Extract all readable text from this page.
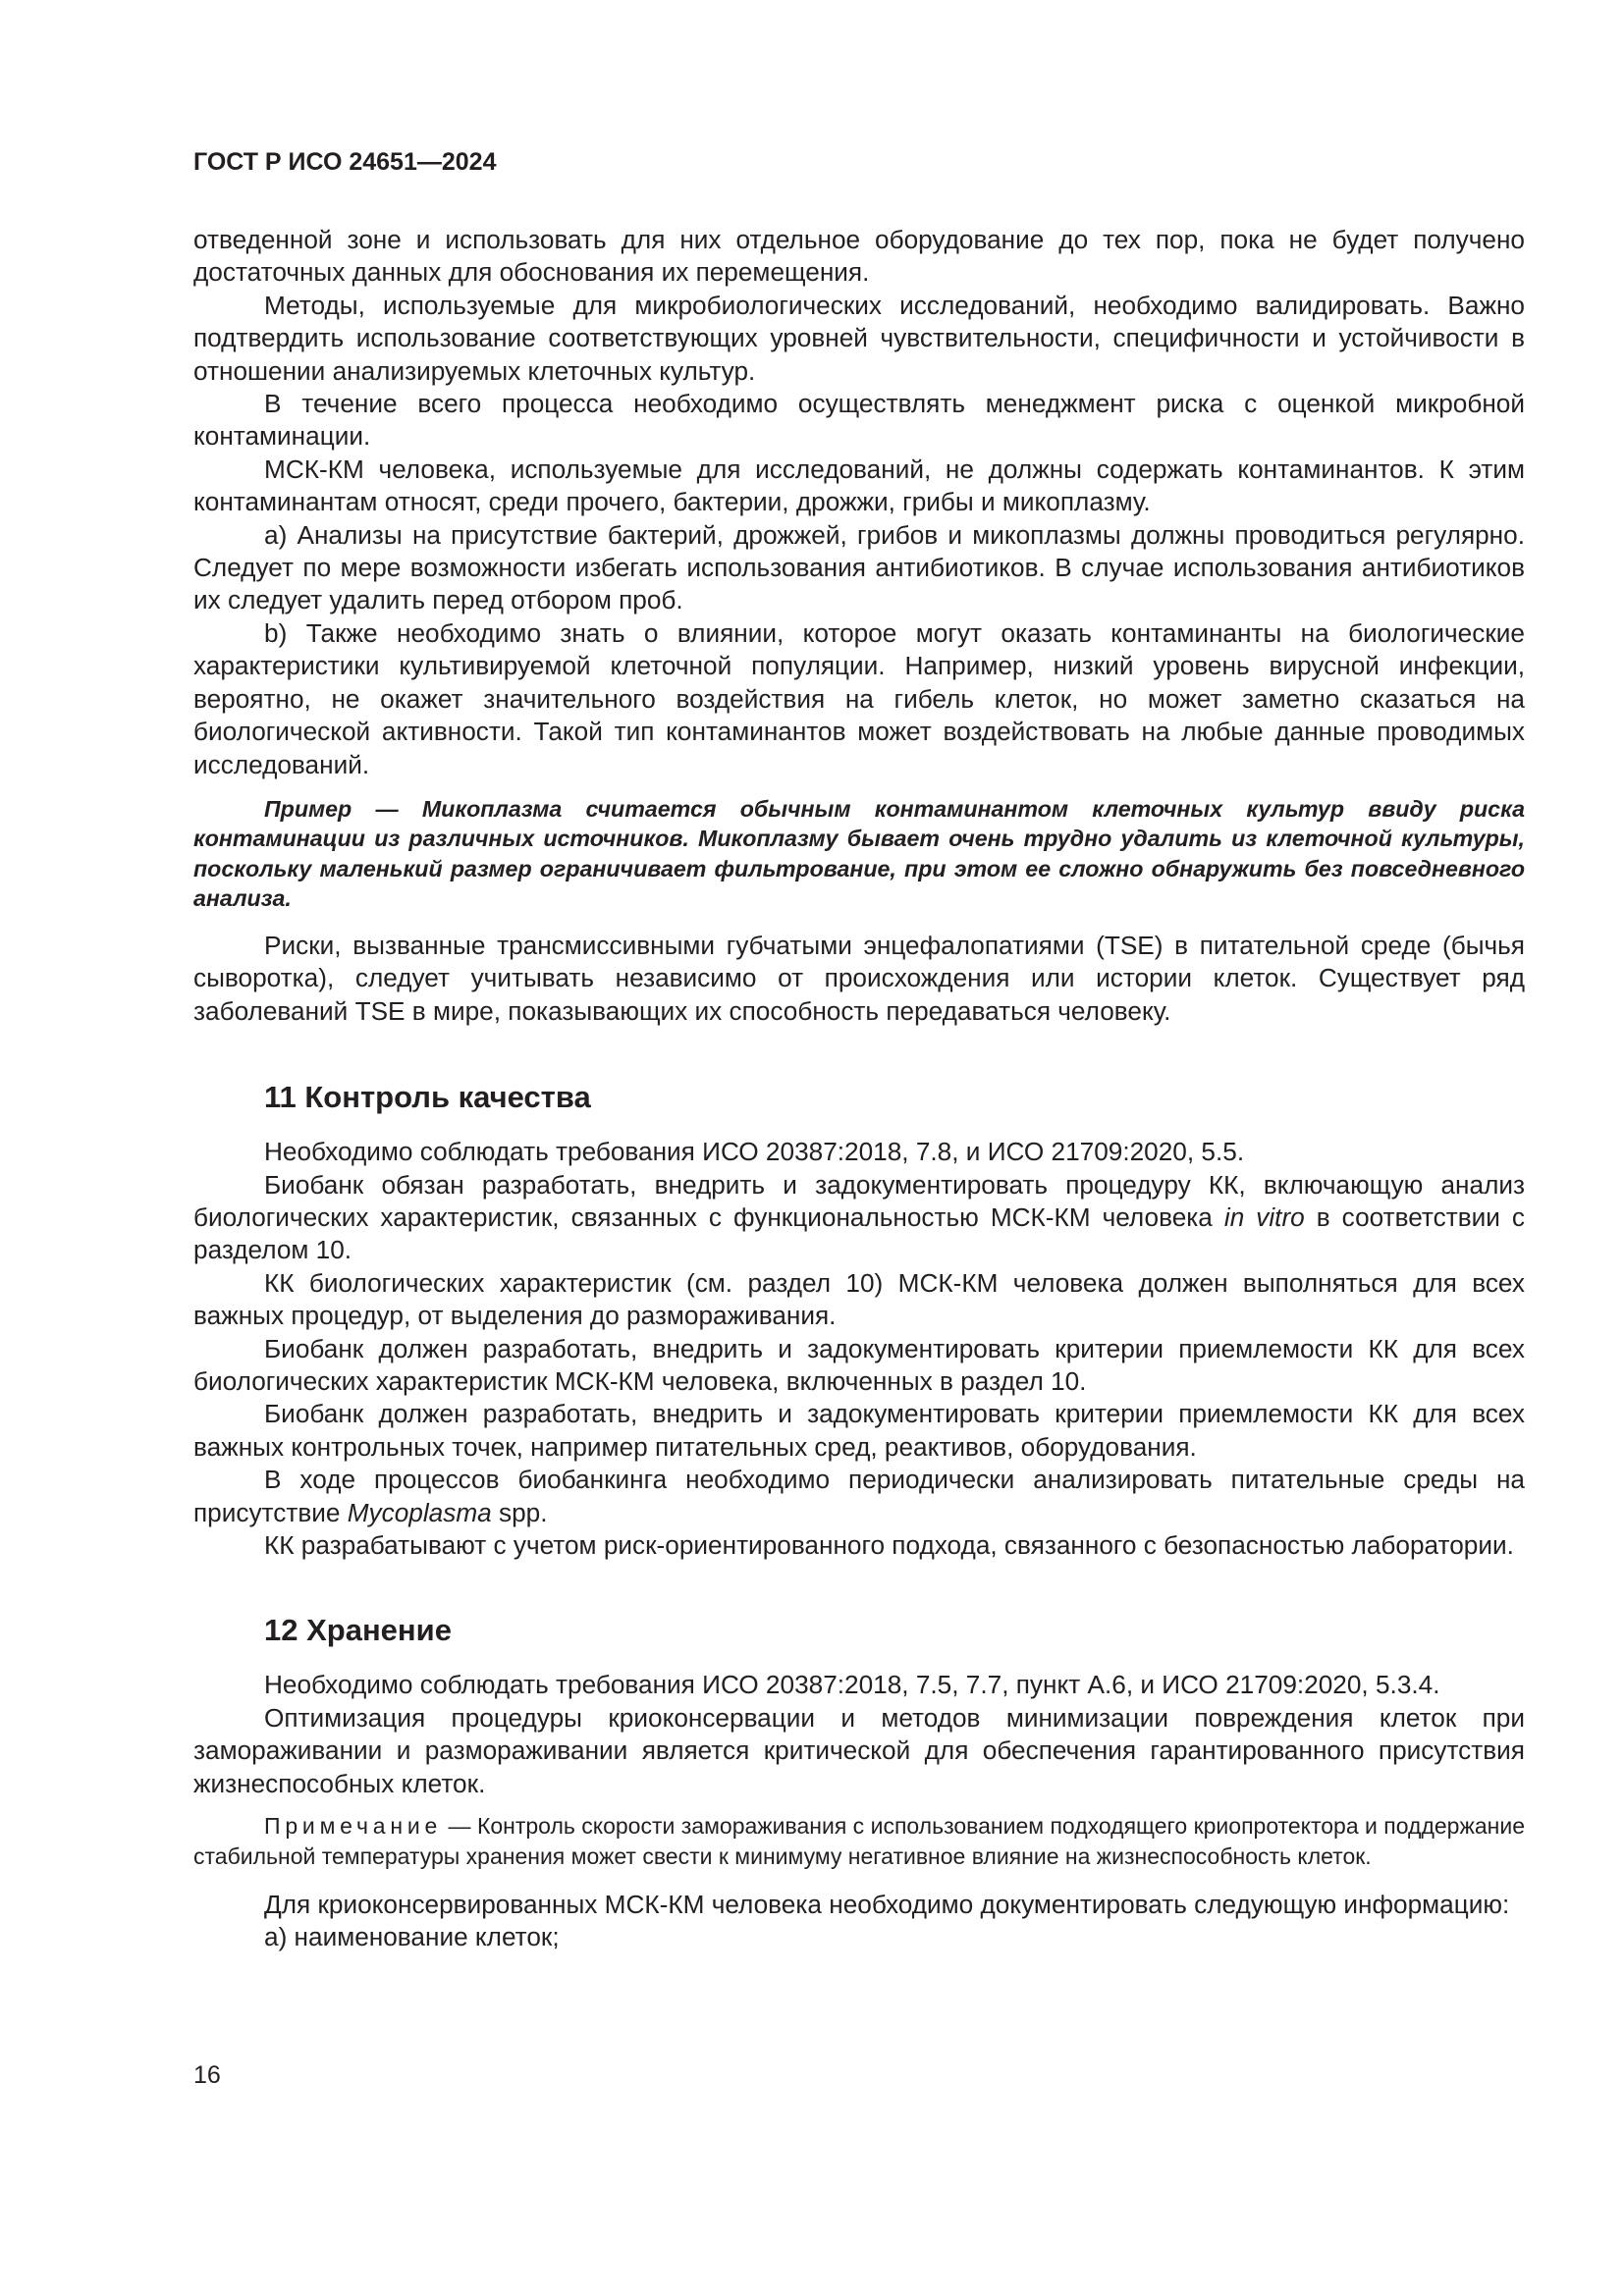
ГОСТ Р ИСО 24651—2024

отведенной зоне и использовать для них отдельное оборудование до тех пор, пока не будет получено достаточных данных для обоснования их перемещения.

Методы, используемые для микробиологических исследований, необходимо валидировать. Важно подтвердить использование соответствующих уровней чувствительности, специфичности и устойчивости в отношении анализируемых клеточных культур.

В течение всего процесса необходимо осуществлять менеджмент риска с оценкой микробной контаминации.

МСК-КМ человека, используемые для исследований, не должны содержать контаминантов. К этим контаминантам относят, среди прочего, бактерии, дрожжи, грибы и микоплазму.

a) Анализы на присутствие бактерий, дрожжей, грибов и микоплазмы должны проводиться регулярно. Следует по мере возможности избегать использования антибиотиков. В случае использования антибиотиков их следует удалить перед отбором проб.

b) Также необходимо знать о влиянии, которое могут оказать контаминанты на биологические характеристики культивируемой клеточной популяции. Например, низкий уровень вирусной инфекции, вероятно, не окажет значительного воздействия на гибель клеток, но может заметно сказаться на биологической активности. Такой тип контаминантов может воздействовать на любые данные проводимых исследований.

Пример — Микоплазма считается обычным контаминантом клеточных культур ввиду риска контаминации из различных источников. Микоплазму бывает очень трудно удалить из клеточной культуры, поскольку маленький размер ограничивает фильтрование, при этом ее сложно обнаружить без повседневного анализа.

Риски, вызванные трансмиссивными губчатыми энцефалопатиями (TSE) в питательной среде (бычья сыворотка), следует учитывать независимо от происхождения или истории клеток. Существует ряд заболеваний TSE в мире, показывающих их способность передаваться человеку.

11 Контроль качества

Необходимо соблюдать требования ИСО 20387:2018, 7.8, и ИСО 21709:2020, 5.5.

Биобанк обязан разработать, внедрить и задокументировать процедуру КК, включающую анализ биологических характеристик, связанных с функциональностью МСК-КМ человека in vitro в соответствии с разделом 10.

КК биологических характеристик (см. раздел 10) МСК-КМ человека должен выполняться для всех важных процедур, от выделения до размораживания.

Биобанк должен разработать, внедрить и задокументировать критерии приемлемости КК для всех биологических характеристик МСК-КМ человека, включенных в раздел 10.

Биобанк должен разработать, внедрить и задокументировать критерии приемлемости КК для всех важных контрольных точек, например питательных сред, реактивов, оборудования.

В ходе процессов биобанкинга необходимо периодически анализировать питательные среды на присутствие Mycoplasma spp.

КК разрабатывают с учетом риск-ориентированного подхода, связанного с безопасностью лаборатории.

12 Хранение

Необходимо соблюдать требования ИСО 20387:2018, 7.5, 7.7, пункт А.6, и ИСО 21709:2020, 5.3.4.

Оптимизация процедуры криоконсервации и методов минимизации повреждения клеток при замораживании и размораживании является критической для обеспечения гарантированного присутствия жизнеспособных клеток.

Примечание — Контроль скорости замораживания с использованием подходящего криопротектора и поддержание стабильной температуры хранения может свести к минимуму негативное влияние на жизнеспособность клеток.

Для криоконсервированных МСК-КМ человека необходимо документировать следующую информацию:

a) наименование клеток;

16
